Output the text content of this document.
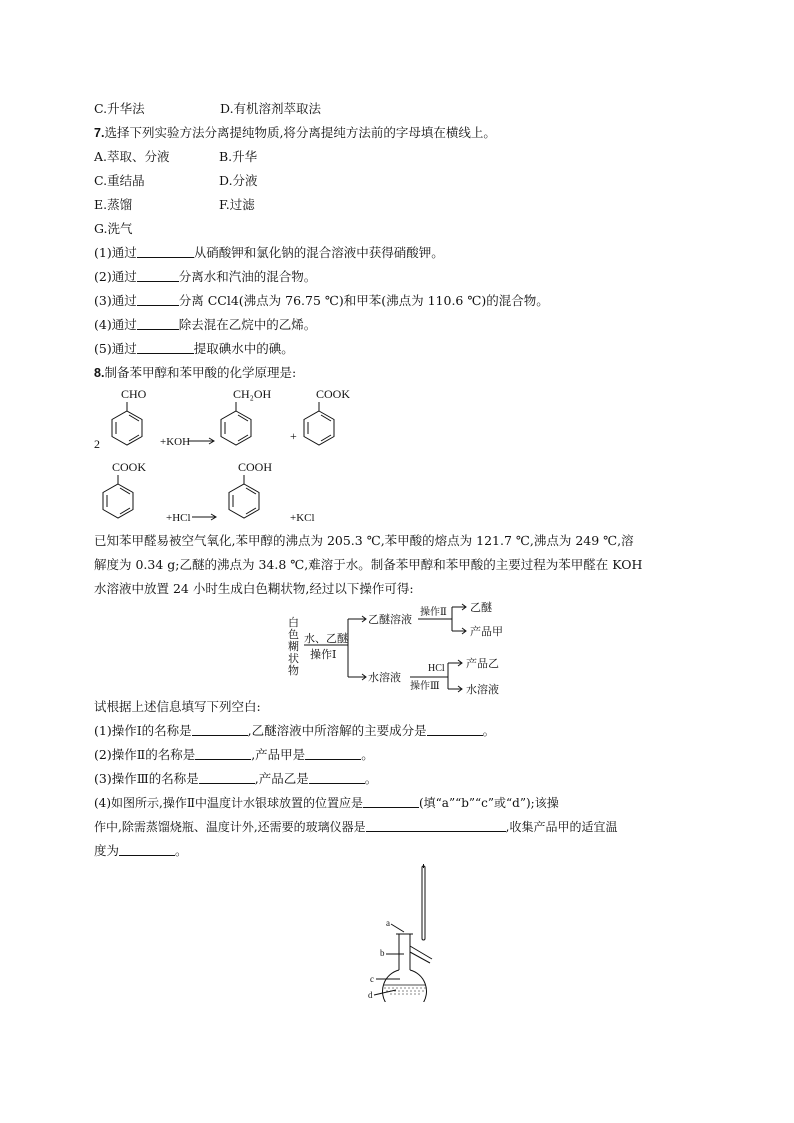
C.升华法	D.有机溶剂萃取法
7.选择下列实验方法分离提纯物质,将分离提纯方法前的字母填在横线上。
A.萃取、分液	B.升华
C.重结晶	D.分液
E.蒸馏	F.过滤
G.洗气
(1)通过	从硝酸钾和氯化钠的混合溶液中获得硝酸钾。
(2)通过	分离水和汽油的混合物。
(3)通过	分离 CCl4(沸点为 76.75 ℃)和甲苯(沸点为 110.6 ℃)的混合物。
(4)通过	除去混在乙烷中的乙烯。
(5)通过	提取碘水中的碘。
8.制备苯甲醇和苯甲酸的化学原理是:
CHO
2	+KOH
CH₂OH
+
COOK
COOK
+HCl
COOH
+KCl
已知苯甲醛易被空气氧化,苯甲醇的沸点为 205.3 ℃,苯甲酸的熔点为 121.7 ℃,沸点为 249 ℃,溶
解度为 0.34 g;乙醚的沸点为 34.8 ℃,难溶于水。制备苯甲醇和苯甲酸的主要过程为苯甲醛在 KOH
水溶液中放置 24 小时生成白色糊状物,经过以下操作可得:
白
色
糊
状
物
水、乙醚
操作Ⅰ
乙醚溶液
操作Ⅱ 乙醚
产品甲
水溶液
HCl
操作Ⅲ
产品乙
水溶液
试根据上述信息填写下列空白:
(1)操作Ⅰ的名称是	,乙醚溶液中所溶解的主要成分是	。
(2)操作Ⅱ的名称是	,产品甲是	。
(3)操作Ⅲ的名称是	,产品乙是	。
(4)如图所示,操作Ⅱ中温度计水银球放置的位置应是	(填“a”“b”“c”或“d”);该操
作中,除需蒸馏烧瓶、温度计外,还需要的玻璃仪器是	,收集产品甲的适宜温
度为	。
a
b
c
d
